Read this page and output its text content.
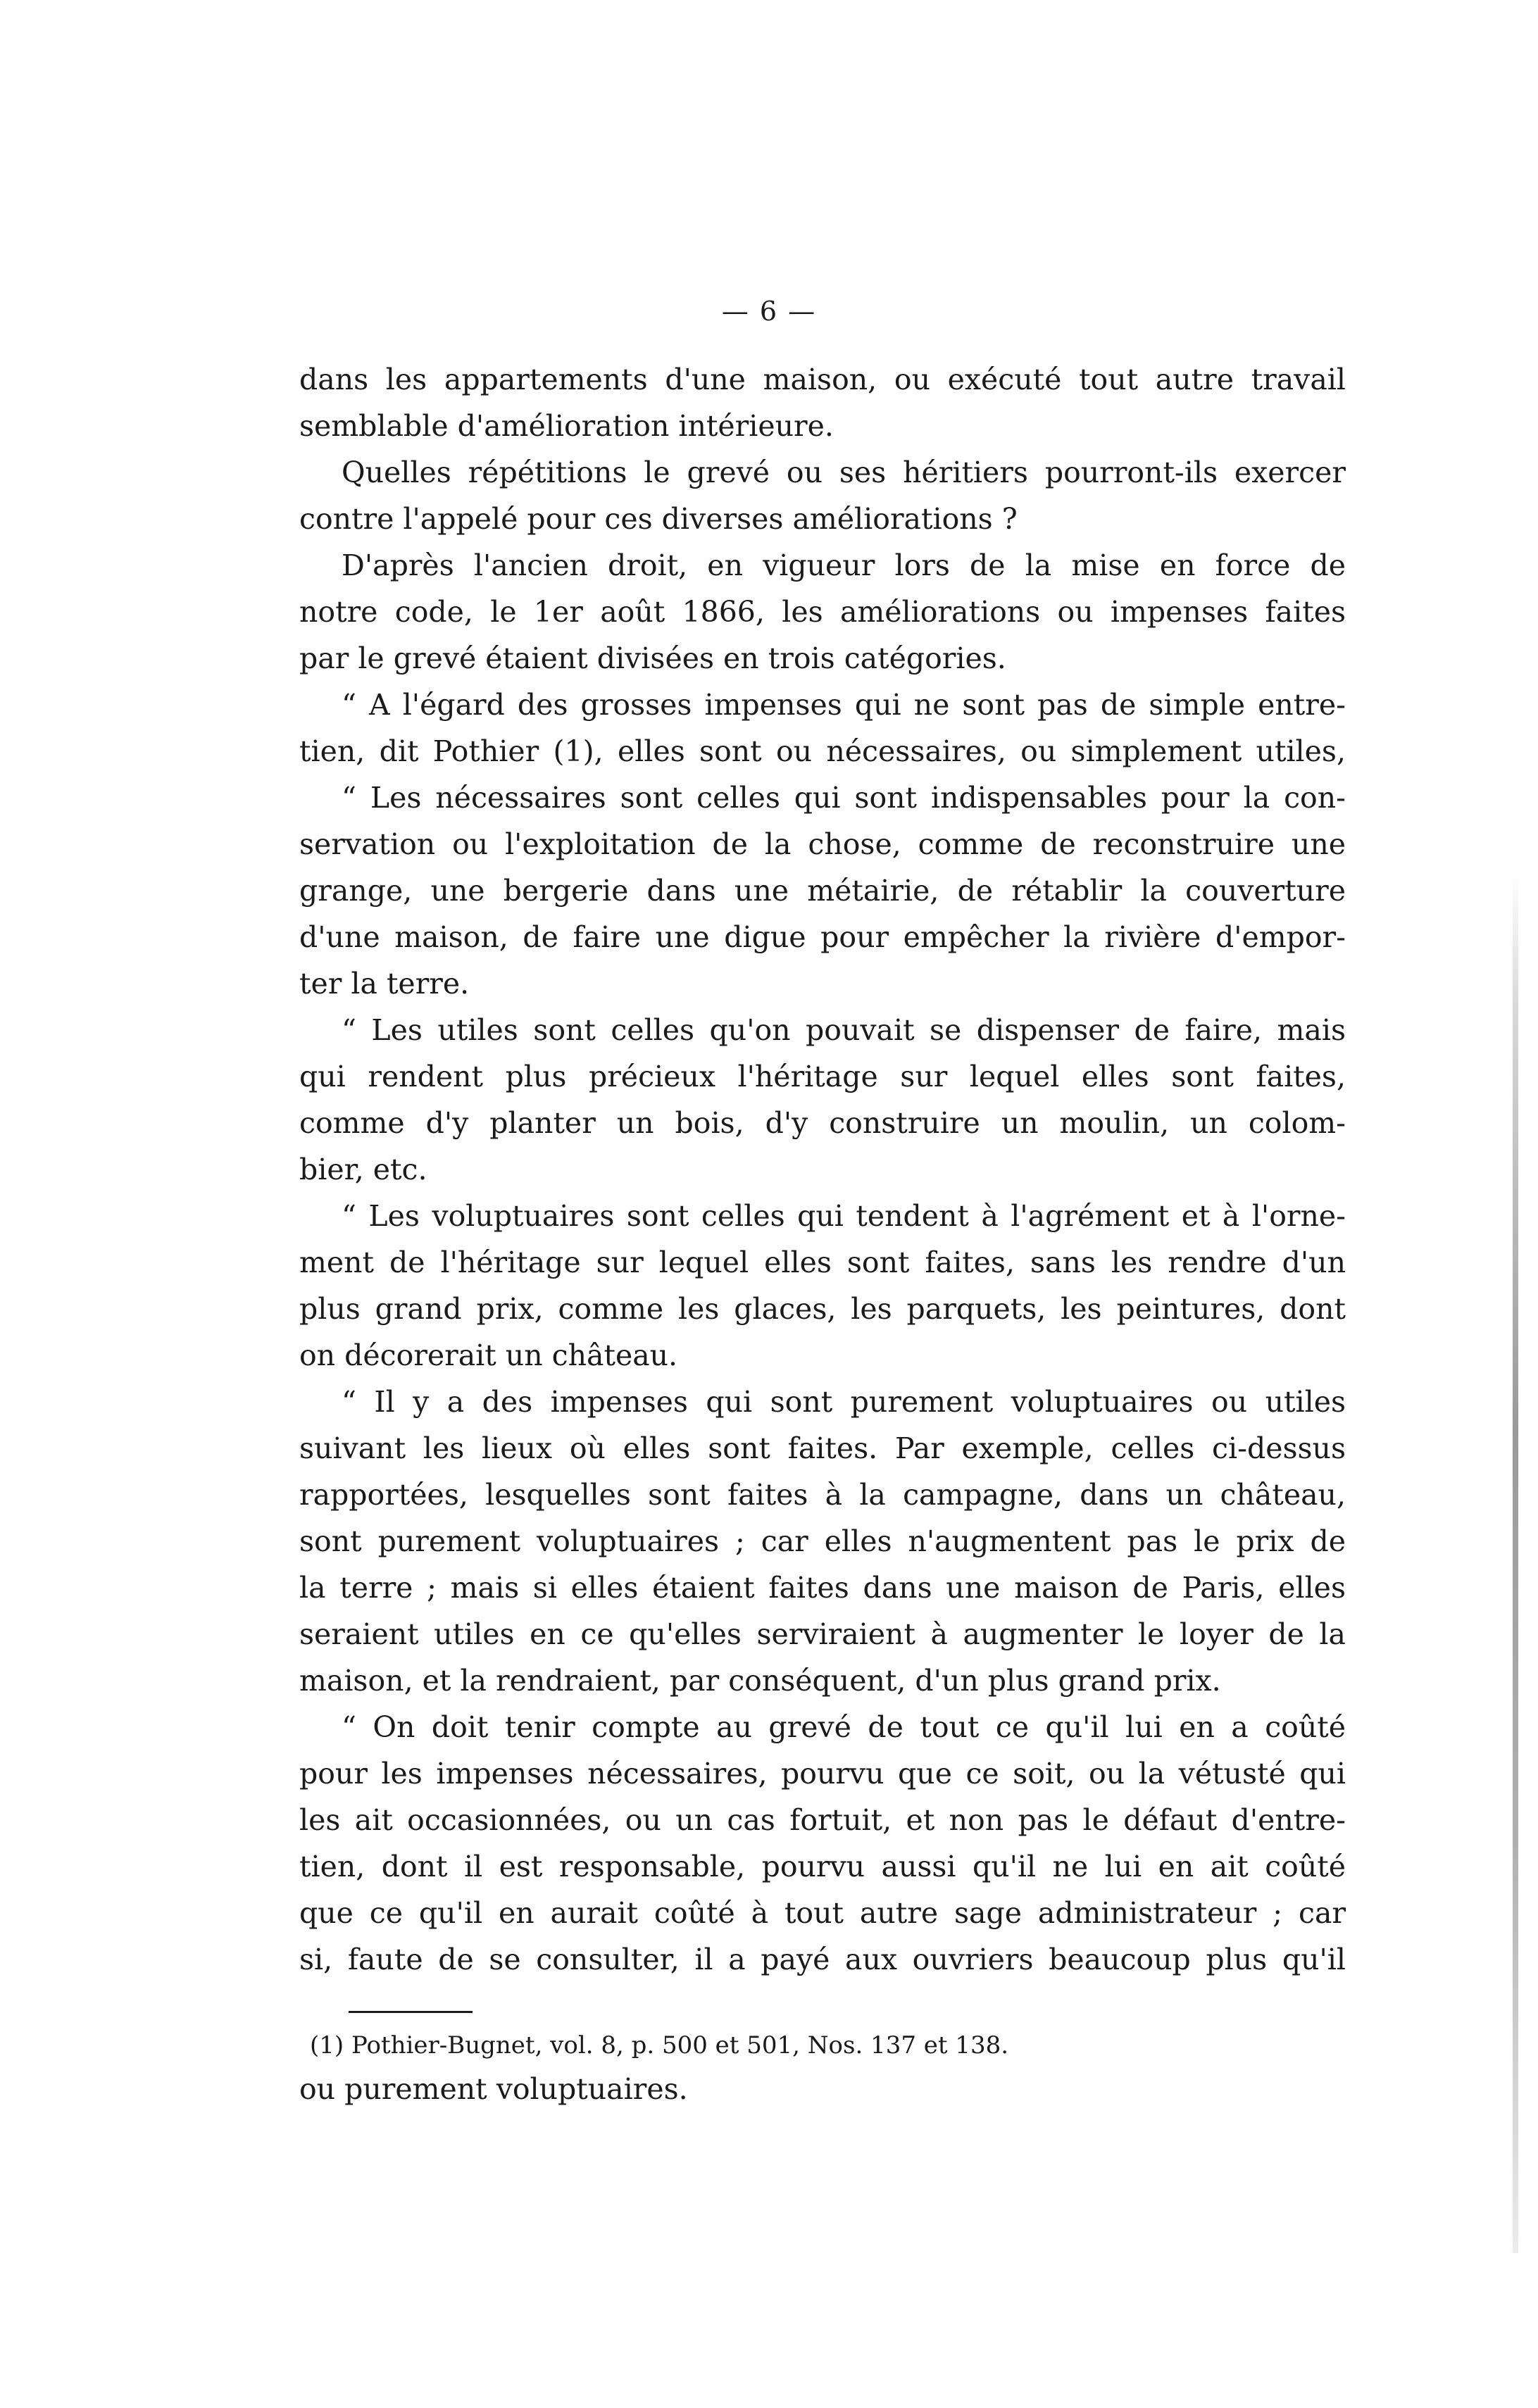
— 6 —
dans les appartements d'une maison, ou exécuté tout autre travail
semblable d'amélioration intérieure.
Quelles répétitions le grevé ou ses héritiers pourront-ils exercer
contre l'appelé pour ces diverses améliorations ?
D'après l'ancien droit, en vigueur lors de la mise en force de
notre code, le 1er août 1866, les améliorations ou impenses faites
par le grevé étaient divisées en trois catégories.
“ A l'égard des grosses impenses qui ne sont pas de simple entre-
tien, dit Pothier (1), elles sont ou nécessaires, ou simplement utiles,
“ Les nécessaires sont celles qui sont indispensables pour la con-
servation ou l'exploitation de la chose, comme de reconstruire une
grange, une bergerie dans une métairie, de rétablir la couverture
d'une maison, de faire une digue pour empêcher la rivière d'empor-
ter la terre.
“ Les utiles sont celles qu'on pouvait se dispenser de faire, mais
qui rendent plus précieux l'héritage sur lequel elles sont faites,
comme d'y planter un bois, d'y construire un moulin, un colom-
bier, etc.
“ Les voluptuaires sont celles qui tendent à l'agrément et à l'orne-
ment de l'héritage sur lequel elles sont faites, sans les rendre d'un
plus grand prix, comme les glaces, les parquets, les peintures, dont
on décorerait un château.
“ Il y a des impenses qui sont purement voluptuaires ou utiles
suivant les lieux où elles sont faites. Par exemple, celles ci-dessus
rapportées, lesquelles sont faites à la campagne, dans un château,
sont purement voluptuaires ; car elles n'augmentent pas le prix de
la terre ; mais si elles étaient faites dans une maison de Paris, elles
seraient utiles en ce qu'elles serviraient à augmenter le loyer de la
maison, et la rendraient, par conséquent, d'un plus grand prix.
“ On doit tenir compte au grevé de tout ce qu'il lui en a coûté
pour les impenses nécessaires, pourvu que ce soit, ou la vétusté qui
les ait occasionnées, ou un cas fortuit, et non pas le défaut d'entre-
tien, dont il est responsable, pourvu aussi qu'il ne lui en ait coûté
que ce qu'il en aurait coûté à tout autre sage administrateur ; car
si, faute de se consulter, il a payé aux ouvriers beaucoup plus qu'il
(1) Pothier-Bugnet, vol. 8, p. 500 et 501, Nos. 137 et 138.
ou purement voluptuaires.
